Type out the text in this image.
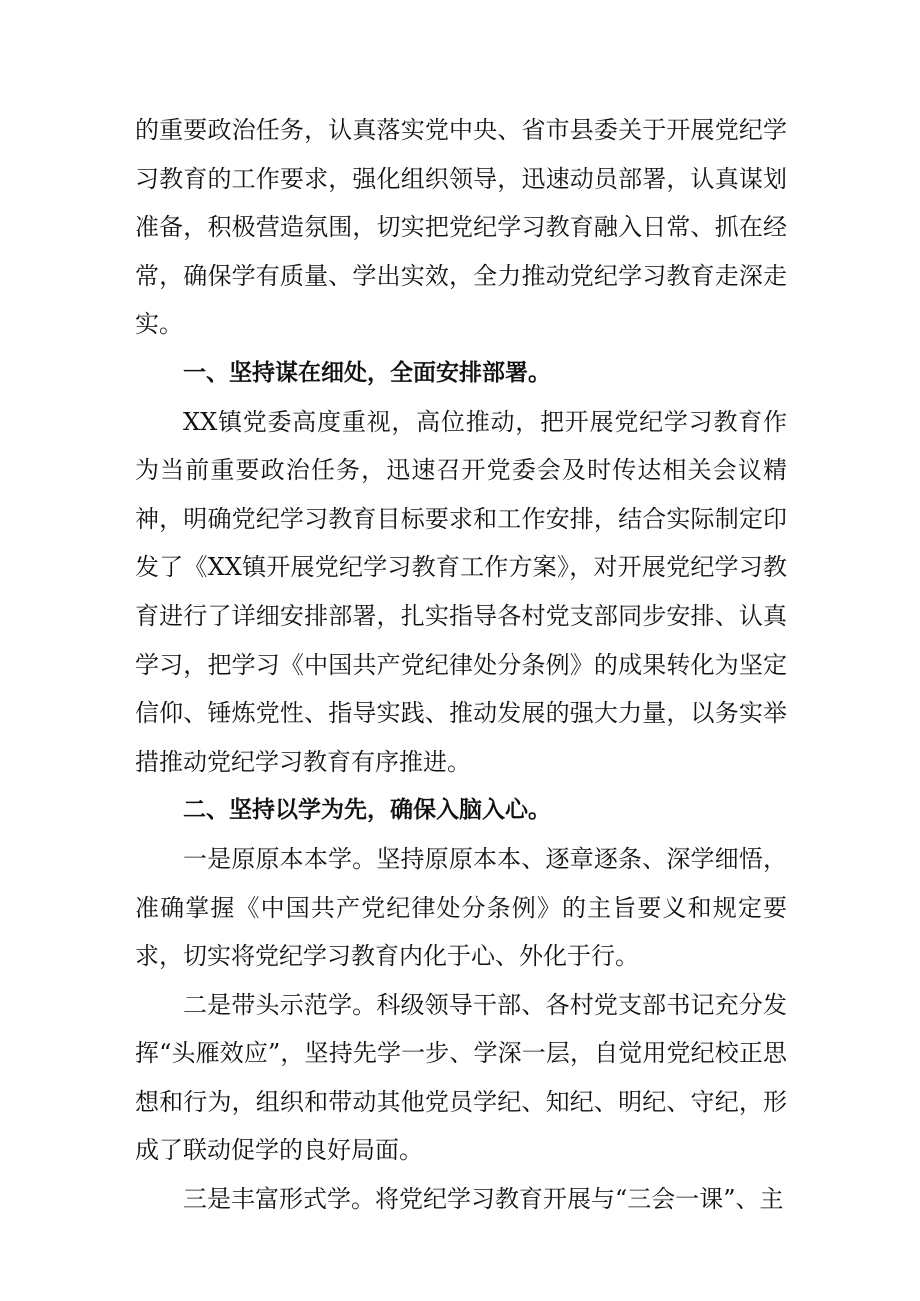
的重要政治任务，认真落实党中央、省市县委关于开展党纪学习教育的工作要求，强化组织领导，迅速动员部署，认真谋划准备，积极营造氛围，切实把党纪学习教育融入日常、抓在经常，确保学有质量、学出实效，全力推动党纪学习教育走深走实。

一、坚持谋在细处，全面安排部署。

XX镇党委高度重视，高位推动，把开展党纪学习教育作为当前重要政治任务，迅速召开党委会及时传达相关会议精神，明确党纪学习教育目标要求和工作安排，结合实际制定印发了《XX镇开展党纪学习教育工作方案》，对开展党纪学习教育进行了详细安排部署，扎实指导各村党支部同步安排、认真学习，把学习《中国共产党纪律处分条例》的成果转化为坚定信仰、锤炼党性、指导实践、推动发展的强大力量，以务实举措推动党纪学习教育有序推进。

二、坚持以学为先，确保入脑入心。

一是原原本本学。坚持原原本本、逐章逐条、深学细悟，准确掌握《中国共产党纪律处分条例》的主旨要义和规定要求，切实将党纪学习教育内化于心、外化于行。

二是带头示范学。科级领导干部、各村党支部书记充分发挥“头雁效应”，坚持先学一步、学深一层，自觉用党纪校正思想和行为，组织和带动其他党员学纪、知纪、明纪、守纪，形成了联动促学的良好局面。

三是丰富形式学。将党纪学习教育开展与“三会一课”、主
